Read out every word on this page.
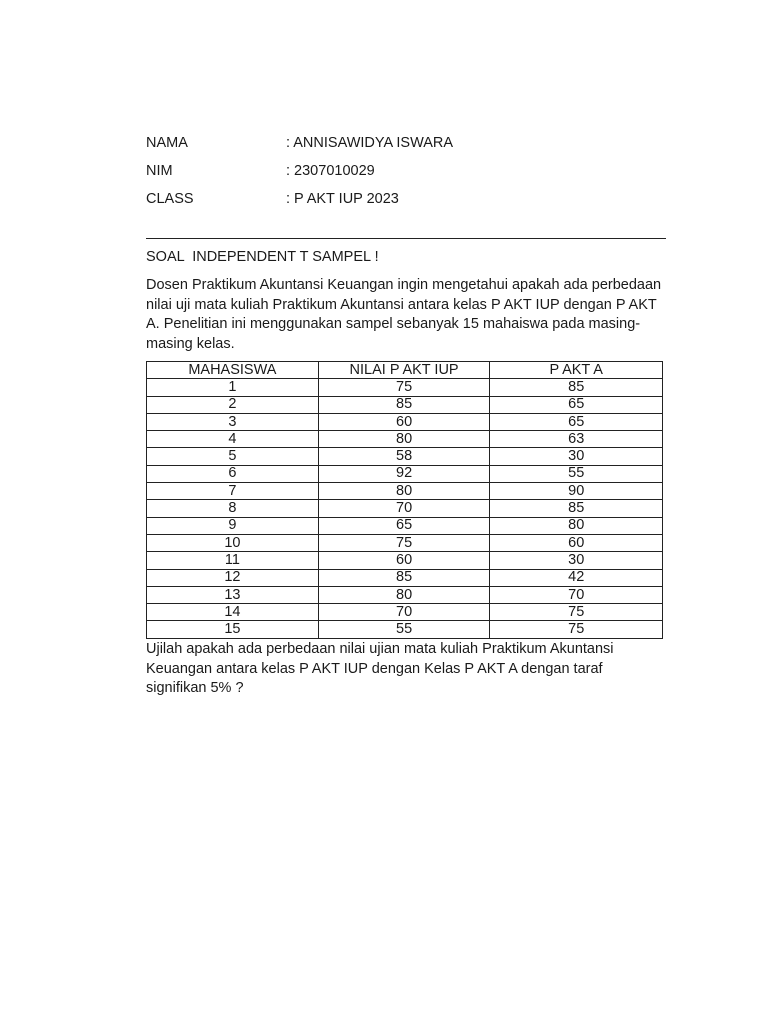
NAMA	: ANNISAWIDYA ISWARA
NIM	: 2307010029
CLASS	: P AKT IUP 2023
SOAL  INDEPENDENT T SAMPEL !

Dosen Praktikum Akuntansi Keuangan ingin mengetahui apakah ada perbedaan nilai uji mata kuliah Praktikum Akuntansi antara kelas P AKT IUP dengan P AKT A. Penelitian ini menggunakan sampel sebanyak 15 mahaiswa pada masing-masing kelas.

MAHASISWA	NILAI P AKT IUP	P AKT A
1	75	85
2	85	65
3	60	65
4	80	63
5	58	30
6	92	55
7	80	90
8	70	85
9	65	80
10	75	60
11	60	30
12	85	42
13	80	70
14	70	75
15	55	75

Ujilah apakah ada perbedaan nilai ujian mata kuliah Praktikum Akuntansi Keuangan antara kelas P AKT IUP dengan Kelas P AKT A dengan taraf signifikan 5% ?
